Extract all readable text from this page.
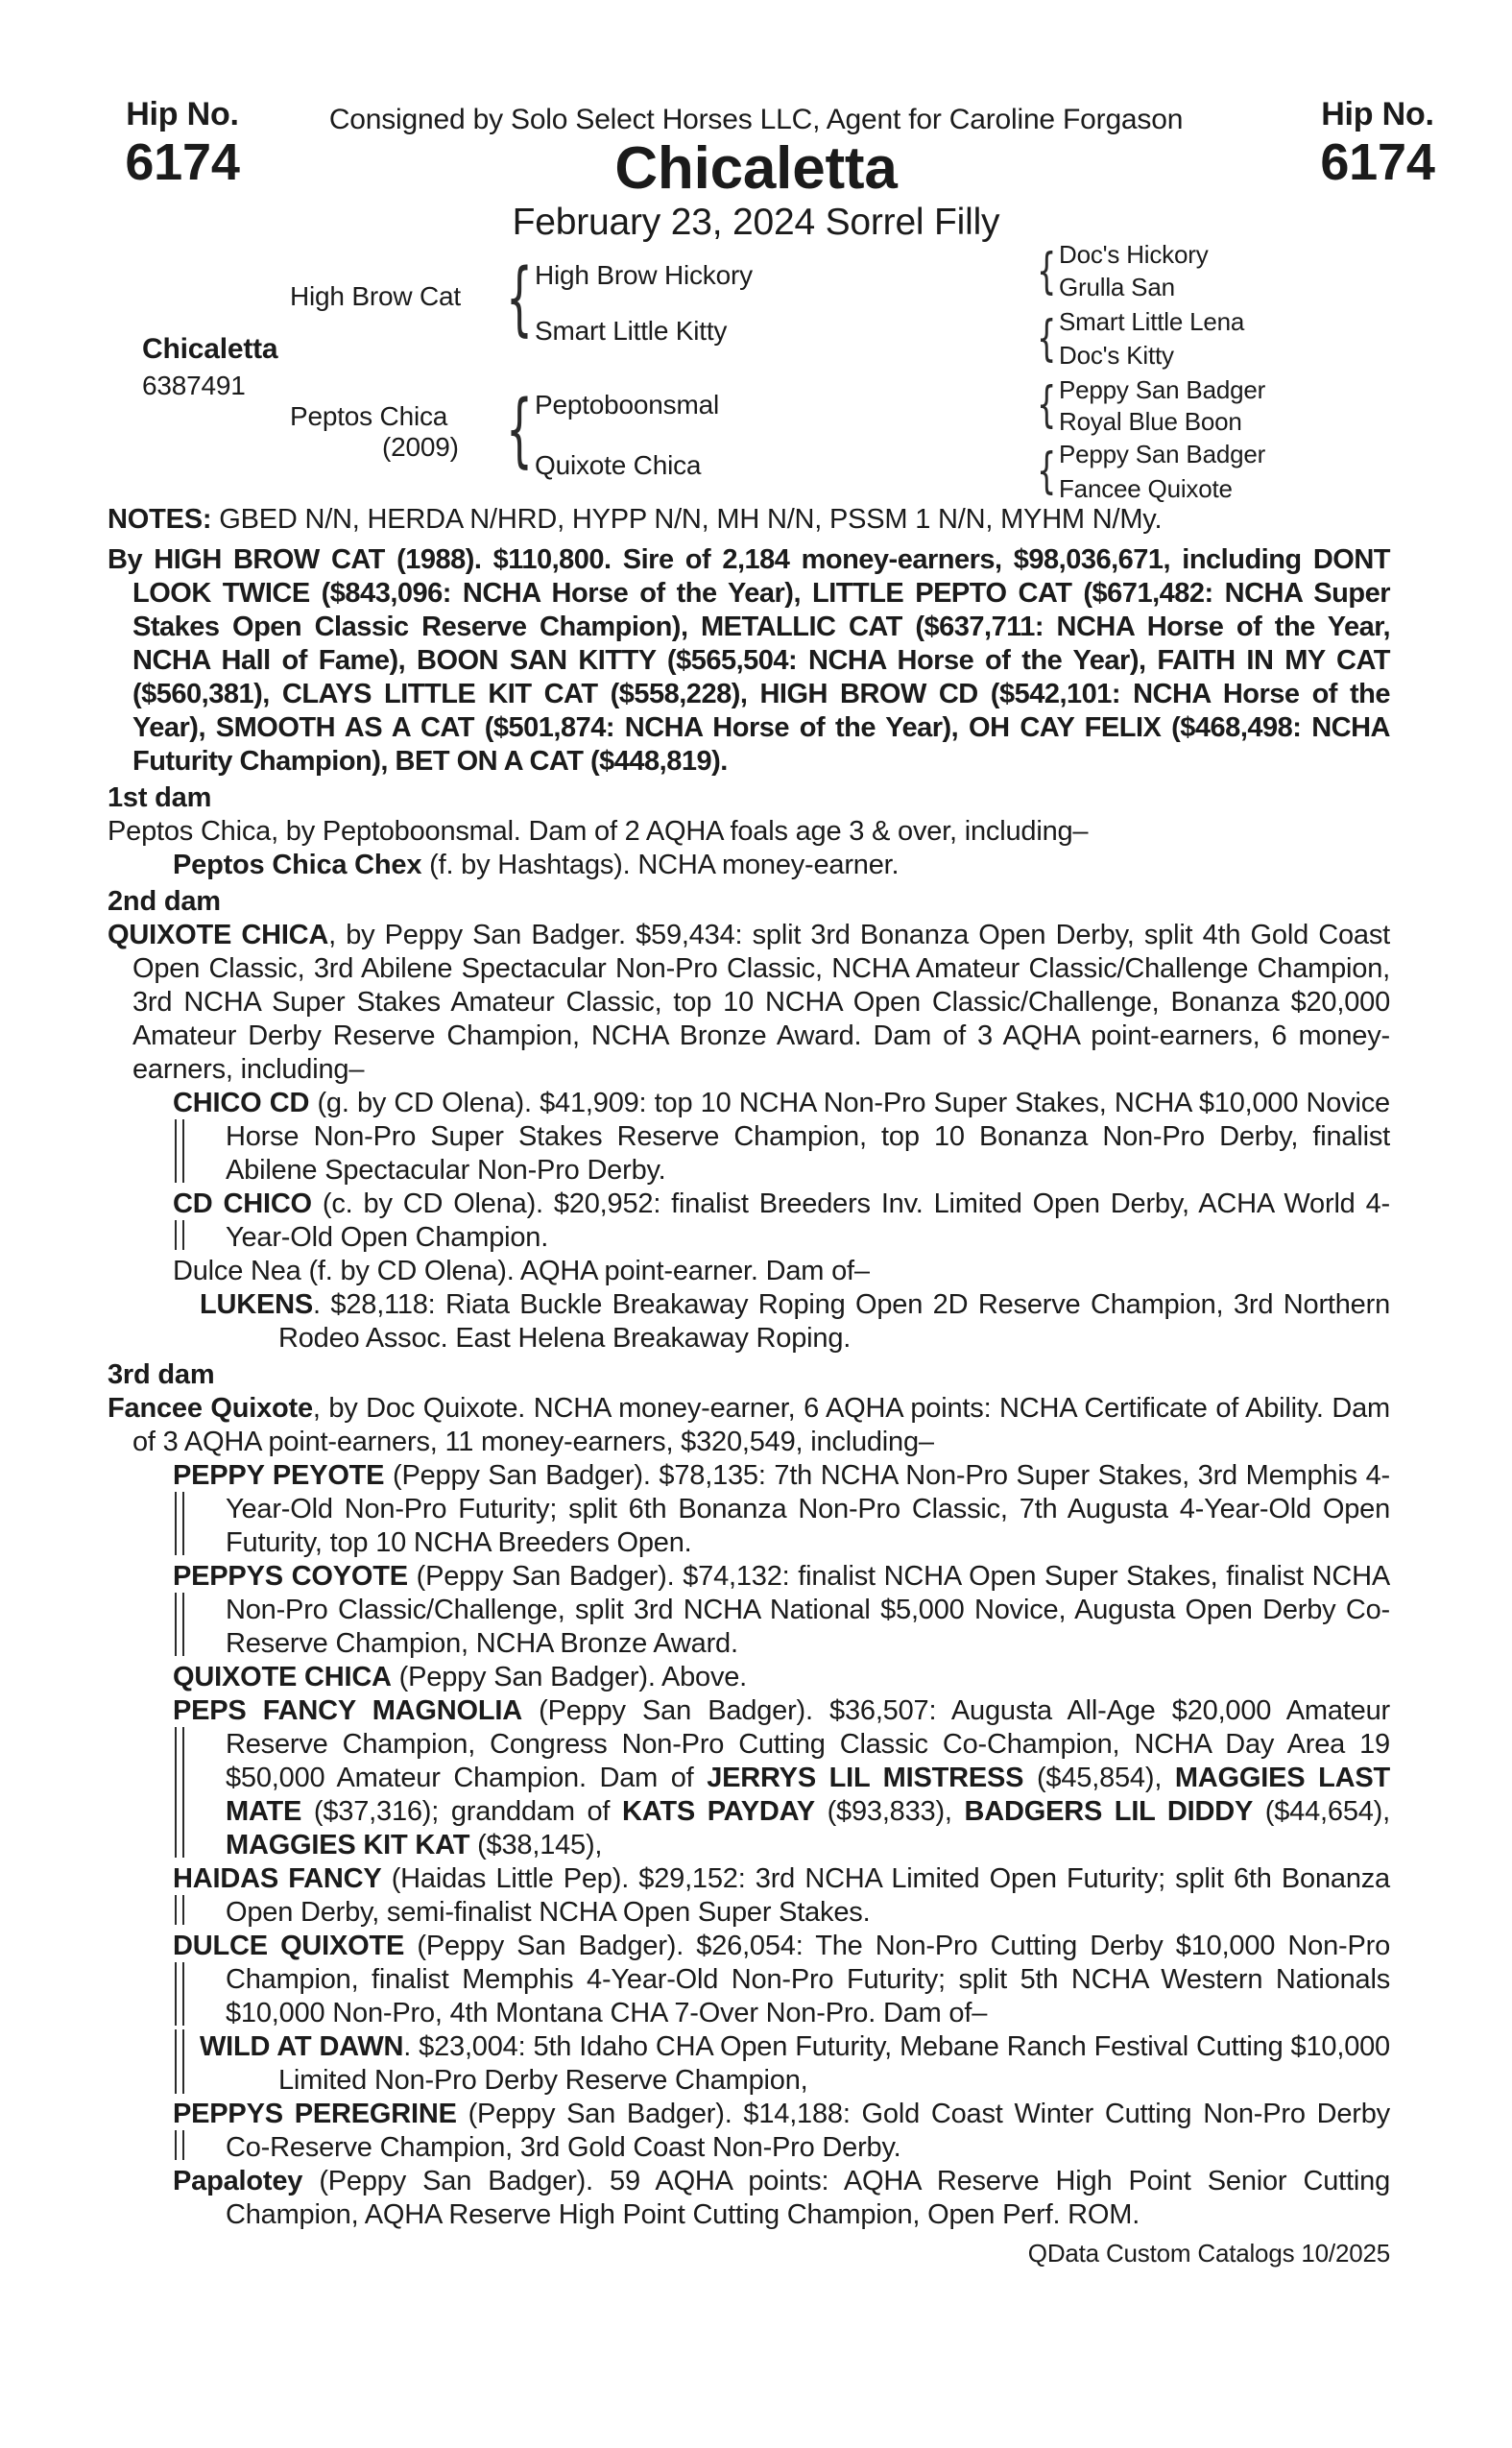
Hip No.
6174
Hip No.
6174
Consigned by Solo Select Horses LLC, Agent for Caroline Forgason
Chicaletta
February 23, 2024 Sorrel Filly
Chicaletta
6387491
High Brow Cat
Peptos Chica
(2009)
{
{
High Brow Hickory
Smart Little Kitty
Peptoboonsmal
Quixote Chica
{
{
{
{
Doc's Hickory
Grulla San
Smart Little Lena
Doc's Kitty
Peppy San Badger
Royal Blue Boon
Peppy San Badger
Fancee Quixote

NOTES: GBED N/N, HERDA N/HRD, HYPP N/N, MH N/N, PSSM 1 N/N, MYHM N/My.

By HIGH BROW CAT (1988). $110,800. Sire of 2,184 money-earners, $98,036,671, including DONT LOOK TWICE ($843,096: NCHA Horse of the Year), LITTLE PEPTO CAT ($671,482: NCHA Super Stakes Open Classic Reserve Champion), METALLIC CAT ($637,711: NCHA Horse of the Year, NCHA Hall of Fame), BOON SAN KITTY ($565,504: NCHA Horse of the Year), FAITH IN MY CAT ($560,381), CLAYS LITTLE KIT CAT ($558,228), HIGH BROW CD ($542,101: NCHA Horse of the Year), SMOOTH AS A CAT ($501,874: NCHA Horse of the Year), OH CAY FELIX ($468,498: NCHA Futurity Champion), BET ON A CAT ($448,819).

1st dam

Peptos Chica, by Peptoboonsmal. Dam of 2 AQHA foals age 3 & over, including–

Peptos Chica Chex (f. by Hashtags). NCHA money-earner.

2nd dam

QUIXOTE CHICA, by Peppy San Badger. $59,434: split 3rd Bonanza Open Derby, split 4th Gold Coast Open Classic, 3rd Abilene Spectacular Non-Pro Classic, NCHA Amateur Classic/Challenge Champion, 3rd NCHA Super Stakes Amateur Classic, top 10 NCHA Open Classic/Challenge, Bonanza $20,000 Amateur Derby Reserve Champion, NCHA Bronze Award. Dam of 3 AQHA point-earners, 6 money-earners, including–

CHICO CD (g. by CD Olena). $41,909: top 10 NCHA Non-Pro Super Stakes, NCHA $10,000 Novice Horse Non-Pro Super Stakes Reserve Champion, top 10 Bonanza Non-Pro Derby, finalist Abilene Spectacular Non-Pro Derby.
CD CHICO (c. by CD Olena). $20,952: finalist Breeders Inv. Limited Open Derby, ACHA World 4-Year-Old Open Champion.
Dulce Nea (f. by CD Olena). AQHA point-earner. Dam of–
LUKENS. $28,118: Riata Buckle Breakaway Roping Open 2D Reserve Champion, 3rd Northern Rodeo Assoc. East Helena Breakaway Roping.

3rd dam

Fancee Quixote, by Doc Quixote. NCHA money-earner, 6 AQHA points: NCHA Certificate of Ability. Dam of 3 AQHA point-earners, 11 money-earners, $320,549, including–

PEPPY PEYOTE (Peppy San Badger). $78,135: 7th NCHA Non-Pro Super Stakes, 3rd Memphis 4-Year-Old Non-Pro Futurity; split 6th Bonanza Non-Pro Classic, 7th Augusta 4-Year-Old Open Futurity, top 10 NCHA Breeders Open.
PEPPYS COYOTE (Peppy San Badger). $74,132: finalist NCHA Open Super Stakes, finalist NCHA Non-Pro Classic/Challenge, split 3rd NCHA National $5,000 Novice, Augusta Open Derby Co-Reserve Champion, NCHA Bronze Award.
QUIXOTE CHICA (Peppy San Badger). Above.
PEPS FANCY MAGNOLIA (Peppy San Badger). $36,507: Augusta All-Age $20,000 Amateur Reserve Champion, Congress Non-Pro Cutting Classic Co-Champion, NCHA Day Area 19 $50,000 Amateur Champion. Dam of JERRYS LIL MISTRESS ($45,854), MAGGIES LAST MATE ($37,316); granddam of KATS PAYDAY ($93,833), BADGERS LIL DIDDY ($44,654), MAGGIES KIT KAT ($38,145),
HAIDAS FANCY (Haidas Little Pep). $29,152: 3rd NCHA Limited Open Futurity; split 6th Bonanza Open Derby, semi-finalist NCHA Open Super Stakes.
DULCE QUIXOTE (Peppy San Badger). $26,054: The Non-Pro Cutting Derby $10,000 Non-Pro Champion, finalist Memphis 4-Year-Old Non-Pro Futurity; split 5th NCHA Western Nationals $10,000 Non-Pro, 4th Montana CHA 7-Over Non-Pro. Dam of–
WILD AT DAWN. $23,004: 5th Idaho CHA Open Futurity, Mebane Ranch Festival Cutting $10,000 Limited Non-Pro Derby Reserve Champion,
PEPPYS PEREGRINE (Peppy San Badger). $14,188: Gold Coast Winter Cutting Non-Pro Derby Co-Reserve Champion, 3rd Gold Coast Non-Pro Derby.
Papalotey (Peppy San Badger). 59 AQHA points: AQHA Reserve High Point Senior Cutting Champion, AQHA Reserve High Point Cutting Champion, Open Perf. ROM.

QData Custom Catalogs 10/2025
